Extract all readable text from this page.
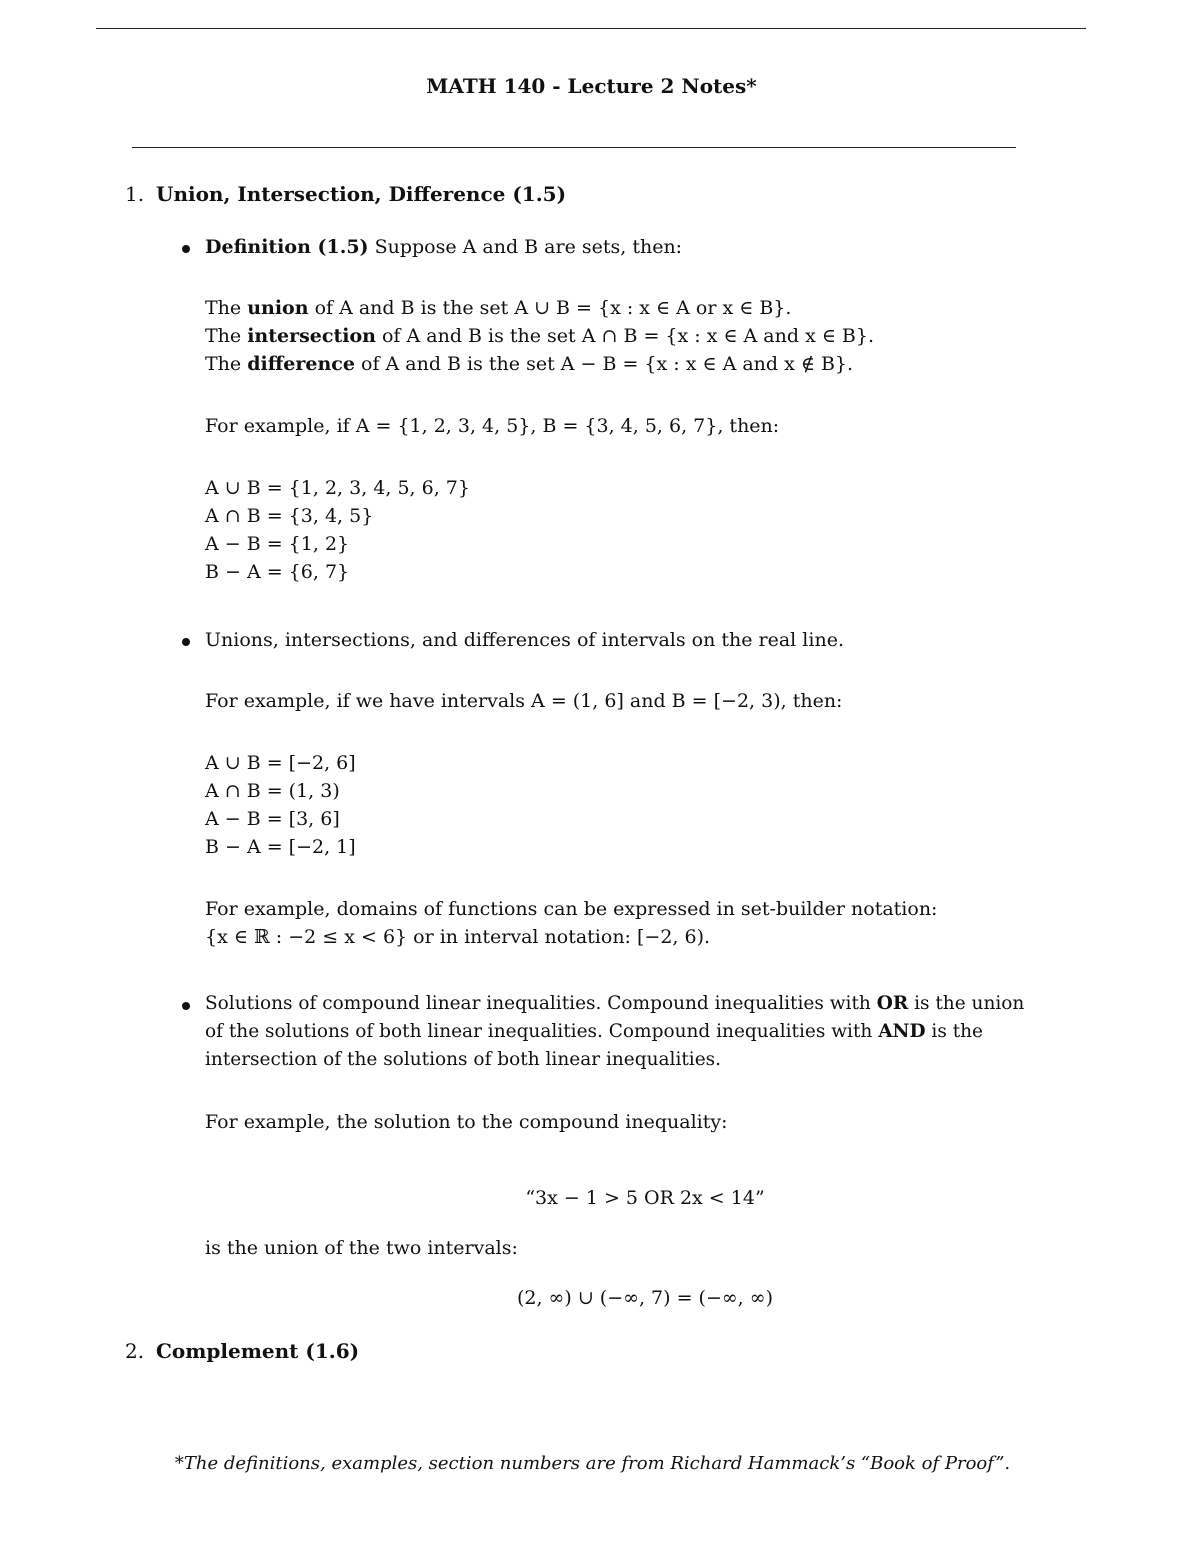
MATH 140 - Lecture 2 Notes*
1. Union, Intersection, Difference (1.5)
Definition (1.5) Suppose A and B are sets, then:
The union of A and B is the set A ∪ B = {x : x ∈ A or x ∈ B}.
The intersection of A and B is the set A ∩ B = {x : x ∈ A and x ∈ B}.
The difference of A and B is the set A − B = {x : x ∈ A and x ∉ B}.
For example, if A = {1, 2, 3, 4, 5}, B = {3, 4, 5, 6, 7}, then:
A ∪ B = {1, 2, 3, 4, 5, 6, 7}
A ∩ B = {3, 4, 5}
A − B = {1, 2}
B − A = {6, 7}
Unions, intersections, and differences of intervals on the real line.
For example, if we have intervals A = (1, 6] and B = [−2, 3), then:
A ∪ B = [−2, 6]
A ∩ B = (1, 3)
A − B = [3, 6]
B − A = [−2, 1]
For example, domains of functions can be expressed in set-builder notation:
{x ∈ ℝ : −2 ≤ x < 6} or in interval notation: [−2, 6).
Solutions of compound linear inequalities. Compound inequalities with OR is the union
of the solutions of both linear inequalities. Compound inequalities with AND is the
intersection of the solutions of both linear inequalities.
For example, the solution to the compound inequality:
“3x − 1 > 5 OR 2x < 14”
is the union of the two intervals:
(2, ∞) ∪ (−∞, 7) = (−∞, ∞)
2. Complement (1.6)
*The definitions, examples, section numbers are from Richard Hammack’s “Book of Proof”.
